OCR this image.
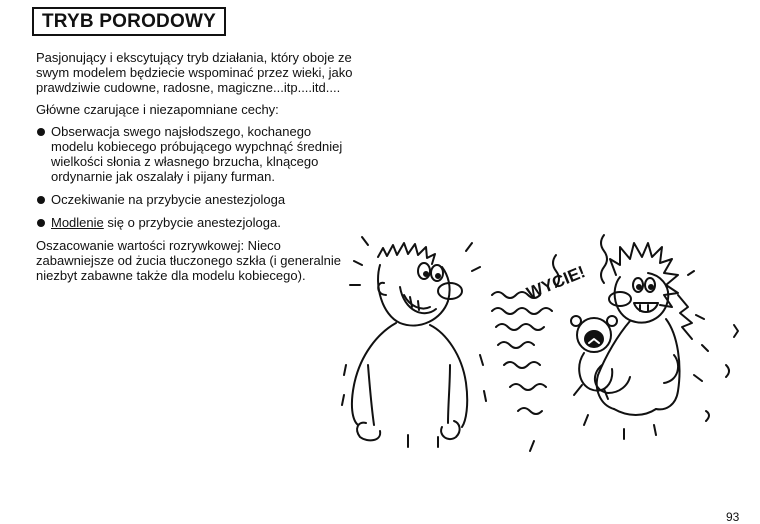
TRYB PORODOWY

Pasjonujący i ekscytujący tryb działania, który oboje ze swym modelem będziecie wspominać przez wieki, jako prawdziwie cudowne, radosne, magiczne...itp....itd....

Główne czarujące i niezapomniane cechy:

Obserwacja swego najsłodszego, kochanego modelu kobiecego próbującego wypchnąć średniej wielkości słonia z własnego brzucha, klnącego ordynarnie jak oszalały i pijany furman.
Oczekiwanie na przybycie anestezjologa
Modlenie się o przybycie anestezjologa.

Oszacowanie wartości rozrywkowej: Nieco zabawniejsze od żucia tłuczonego szkła (i generalnie niezbyt zabawne także dla modelu kobiecego).	WYCIE!
93
